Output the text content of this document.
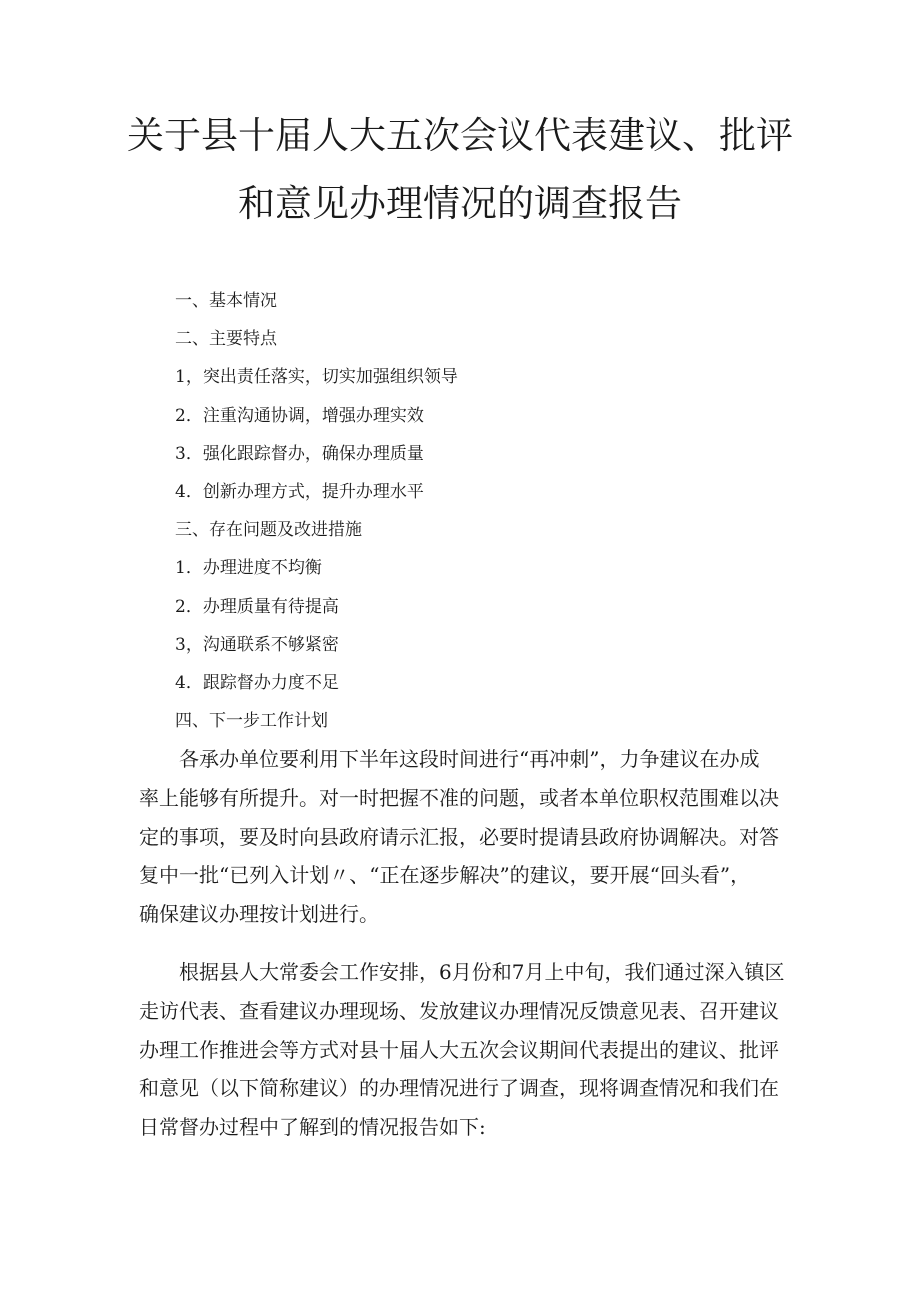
关于县十届人大五次会议代表建议、批评
和意见办理情况的调查报告
一、基本情况
二、主要特点
1，突出责任落实，切实加强组织领导
2．注重沟通协调，增强办理实效
3．强化跟踪督办，确保办理质量
4．创新办理方式，提升办理水平
三、存在问题及改进措施
1．办理进度不均衡
2．办理质量有待提高
3，沟通联系不够紧密
4．跟踪督办力度不足
四、下一步工作计划

　　各承办单位要利用下半年这段时间进行“再冲刺”，力争建议在办成
率上能够有所提升。对一时把握不准的问题，或者本单位职权范围难以决
定的事项，要及时向县政府请示汇报，必要时提请县政府协调解决。对答
复中一批“已列入计划〃、“正在逐步解决”的建议，要开展“回头看”，
确保建议办理按计划进行。

　　根据县人大常委会工作安排，6月份和7月上中旬，我们通过深入镇区
走访代表、查看建议办理现场、发放建议办理情况反馈意见表、召开建议
办理工作推进会等方式对县十届人大五次会议期间代表提出的建议、批评
和意见（以下简称建议）的办理情况进行了调查，现将调查情况和我们在
日常督办过程中了解到的情况报告如下:
